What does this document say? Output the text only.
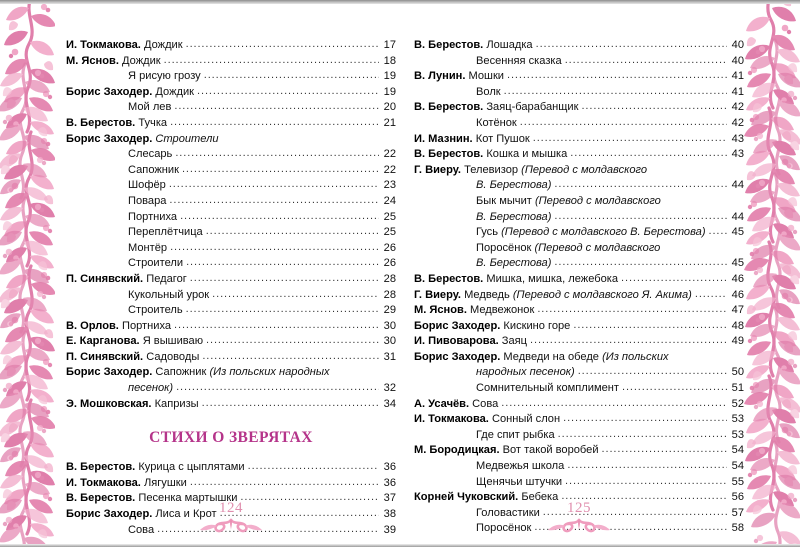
И. Токмакова. Дождик .....	17
М. Яснов. Дождик .....	18
Я рисую грозу .....	19
Борис Заходер. Дождик .....	19
Мой лев .....	20
В. Берестов. Тучка .....	21
Борис Заходер. Строители
Слесарь .....	22
Сапожник .....	22
Шофёр .....	23
Повара .....	24
Портниха .....	25
Переплётчица .....	25
Монтёр .....	26
Строители .....	26
П. Синявский. Педагог .....	28
Кукольный урок .....	28
Строитель .....	29
В. Орлов. Портниха .....	30
Е. Карганова. Я вышиваю .....	30
П. Синявский. Садоводы .....	31
Борис Заходер. Сапожник (Из польских народных
песенок) .....	32
Э. Мошковская. Капризы .....	34
СТИХИ О ЗВЕРЯТАХ
В. Берестов. Курица с цыплятами .....	36
И. Токмакова. Лягушки .....	36
В. Берестов. Песенка мартышки .....	37
Борис Заходер. Лиса и Крот .....	38
Сова .....	39
В. Берестов. Лошадка .....	40
Весенняя сказка .....	40
В. Лунин. Мошки .....	41
Волк .....	41
В. Берестов. Заяц-барабанщик .....	42
Котёнок .....	42
И. Мазнин. Кот Пушок .....	43
В. Берестов. Кошка и мышка .....	43
Г. Виеру. Телевизор (Перевод с молдавского
В. Берестова) .....	44
Бык мычит (Перевод с молдавского
В. Берестова) .....	44
Гусь (Перевод с молдавского В. Берестова) ..... 45
Поросёнок (Перевод с молдавского
В. Берестова) .....	45
В. Берестов. Мишка, мишка, лежебока .....	46
Г. Виеру. Медведь (Перевод с молдавского Я. Акима) .....	46
М. Яснов. Медвежонок .....	47
Борис Заходер. Кискино горе .....	48
И. Пивоварова. Заяц .....	49
Борис Заходер. Медведи на обеде (Из польских
народных песенок) .....	50
Сомнительный комплимент .....	51
А. Усачёв. Сова .....	52
И. Токмакова. Сонный слон .....	53
Где спит рыбка .....	53
М. Бородицкая. Вот такой воробей .....	54
Медвежья школа .....	54
Щенячьи штучки .....	55
Корней Чуковский. Бебека .....	56
Головастики .....	57
Поросёнок .....	58
124	125
